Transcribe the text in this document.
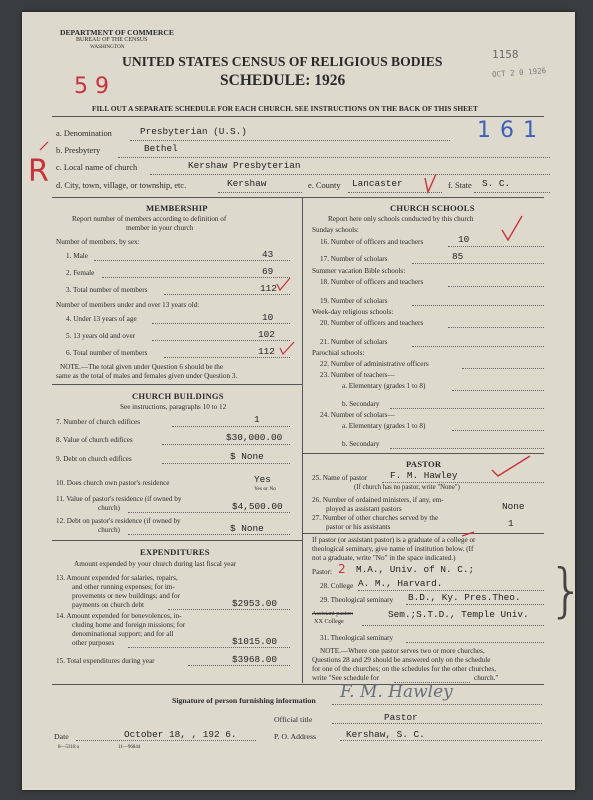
DEPARTMENT OF COMMERCE
BUREAU OF THE CENSUS
WASHINGTON
UNITED STATES CENSUS OF RELIGIOUS BODIES
SCHEDULE: 1926
1158
OCT 2 0 1926
5 9
FILL OUT A SEPARATE SCHEDULE FOR EACH CHURCH. SEE INSTRUCTIONS ON THE BACK OF THIS SHEET
1 6 1
R
a. Denomination	Presbyterian (U.S.)
b. Presbytery	Bethel
c. Local name of church	Kershaw Presbyterian
d. City, town, village, or township, etc.	Kershaw	e. County Lancaster	f. State S. C.
MEMBERSHIP
Report number of members according to definition of
member in your church
Number of members, by sex:
1. Male	43
2. Female	69
3. Total number of members	112
Number of members under and over 13 years old:
4. Under 13 years of age	10
5. 13 years old and over	102
6. Total number of members	112
NOTE.—The total given under Question 6 should be the
same as the total of males and females given under Question 3.
CHURCH BUILDINGS
See instructions, paragraphs 10 to 12
7. Number of church edifices	1
8. Value of church edifices	$30,000.00
9. Debt on church edifices	$ None
10. Does church own pastor's residence	Yes
Yes or No
11. Value of pastor's residence (if owned by
church)	$4,500.00
12. Debt on pastor's residence (if owned by
church)	$ None
EXPENDITURES
Amount expended by your church during last fiscal year
13. Amount expended for salaries, repairs,
and other running expenses; for im-
provements or new buildings; and for
payments on church debt	$2953.00
14. Amount expended for benevolences, in-
cluding home and foreign missions; for
denominational support; and for all
other purposes	$1015.00
15. Total expenditures during year	$3968.00
CHURCH SCHOOLS
Report here only schools conducted by this church
Sunday schools:
16. Number of officers and teachers	10
17. Number of scholars	85
Summer vacation Bible schools:
18. Number of officers and teachers
19. Number of scholars
Week-day religious schools:
20. Number of officers and teachers
21. Number of scholars
Parochial schools:
22. Number of administrative officers
23. Number of teachers—
a. Elementary (grades 1 to 8)
b. Secondary
24. Number of scholars—
a. Elementary (grades 1 to 8)
b. Secondary
PASTOR
25. Name of pastor F. M. Hawley
(If church has no pastor, write "None")
26. Number of ordained ministers, if any, em-
ployed as assistant pastors	None
27. Number of other churches served by the
pastor or his assistants	1
If pastor (or assistant pastor) is a graduate of a college or
theological seminary, give name of institution below. (If
not a graduate, write "No" in the space indicated.)
Pastor: 2 M.A., Univ. of N. C.;
28. College A. M., Harvard.
29. Theological seminary B.D., Ky. Pres.Theo.
Assistant pastor:
XX College
Sem.;S.T.D., Temple Univ. }
31. Theological seminary
NOTE.—Where one pastor serves two or more churches,
Questions 28 and 29 should be answered only on the schedule
for one of the churches; on the schedules for the other churches,
write "See schedule for	church."
Signature of person furnishing information F. M. Hawley
Official title	Pastor
Date	October 18, , 192 6.	P. O. Address	Kershaw, S. C.
8—5318 a	11—96844
